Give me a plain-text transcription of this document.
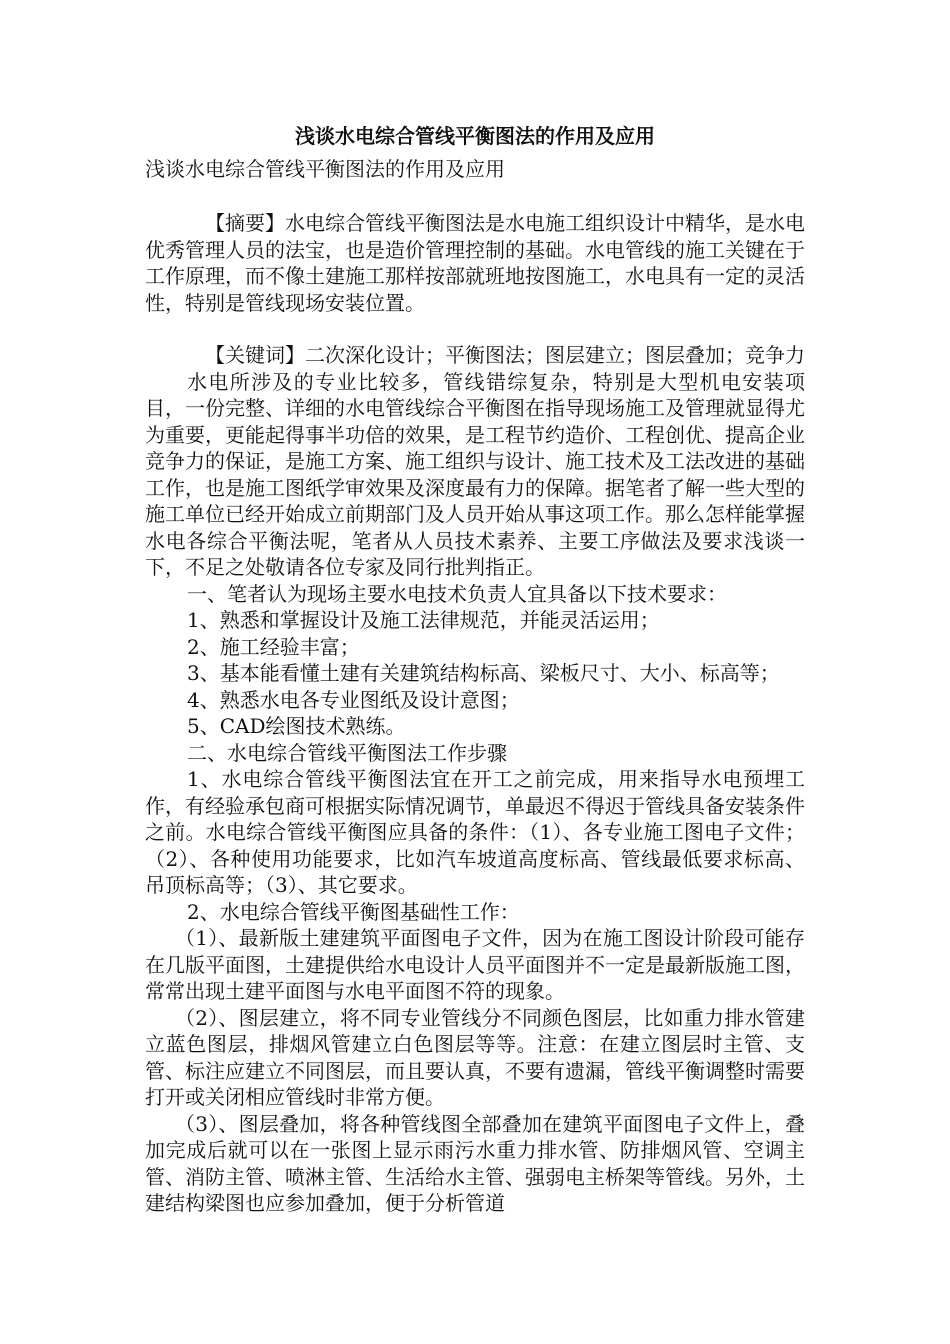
浅谈水电综合管线平衡图法的作用及应用

浅谈水电综合管线平衡图法的作用及应用

【摘要】水电综合管线平衡图法是水电施工组织设计中精华，是水电优秀管理人员的法宝，也是造价管理控制的基础。水电管线的施工关键在于工作原理，而不像土建施工那样按部就班地按图施工，水电具有一定的灵活性，特别是管线现场安装位置。

【关键词】二次深化设计；平衡图法；图层建立；图层叠加；竞争力

水电所涉及的专业比较多，管线错综复杂，特别是大型机电安装项目，一份完整、详细的水电管线综合平衡图在指导现场施工及管理就显得尤为重要，更能起得事半功倍的效果，是工程节约造价、工程创优、提高企业竞争力的保证，是施工方案、施工组织与设计、施工技术及工法改进的基础工作，也是施工图纸学审效果及深度最有力的保障。据笔者了解一些大型的施工单位已经开始成立前期部门及人员开始从事这项工作。那么怎样能掌握水电各综合平衡法呢，笔者从人员技术素养、主要工序做法及要求浅谈一下，不足之处敬请各位专家及同行批判指正。

一、笔者认为现场主要水电技术负责人宜具备以下技术要求：

1、熟悉和掌握设计及施工法律规范，并能灵活运用；

2、施工经验丰富；

3、基本能看懂土建有关建筑结构标高、梁板尺寸、大小、标高等；

4、熟悉水电各专业图纸及设计意图；

5、CAD绘图技术熟练。

二、水电综合管线平衡图法工作步骤

1、水电综合管线平衡图法宜在开工之前完成，用来指导水电预埋工作，有经验承包商可根据实际情况调节，单最迟不得迟于管线具备安装条件之前。水电综合管线平衡图应具备的条件：（1）、各专业施工图电子文件；（2）、各种使用功能要求，比如汽车坡道高度标高、管线最低要求标高、吊顶标高等；（3）、其它要求。

2、水电综合管线平衡图基础性工作：

（1）、最新版土建建筑平面图电子文件，因为在施工图设计阶段可能存在几版平面图，土建提供给水电设计人员平面图并不一定是最新版施工图，常常出现土建平面图与水电平面图不符的现象。

（2）、图层建立，将不同专业管线分不同颜色图层，比如重力排水管建立蓝色图层，排烟风管建立白色图层等等。注意：在建立图层时主管、支管、标注应建立不同图层，而且要认真，不要有遗漏，管线平衡调整时需要打开或关闭相应管线时非常方便。

（3）、图层叠加，将各种管线图全部叠加在建筑平面图电子文件上，叠加完成后就可以在一张图上显示雨污水重力排水管、防排烟风管、空调主管、消防主管、喷淋主管、生活给水主管、强弱电主桥架等管线。另外，土建结构梁图也应参加叠加，便于分析管道
